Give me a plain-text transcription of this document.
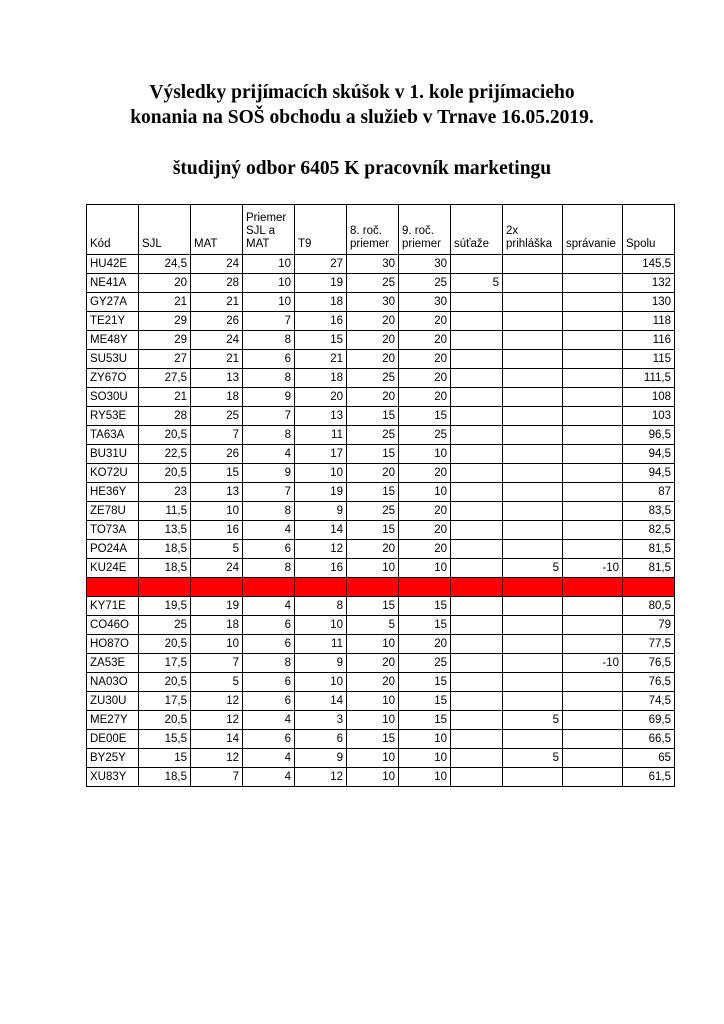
Výsledky prijímacích skúšok v 1. kole prijímacieho
konania na SOŠ obchodu a služieb v Trnave 16.05.2019.
študijný odbor 6405 K pracovník marketingu
Kód	SJL	MAT	Priemer SJL a MAT	T9	8. roč. priemer	9. roč. priemer	súťaže	2x prihláška	správanie	Spolu
HU42E	24,5	24	10	27	30	30				145,5
NE41A	20	28	10	19	25	25	5			132
GY27A	21	21	10	18	30	30				130
TE21Y	29	26	7	16	20	20				118
ME48Y	29	24	8	15	20	20				116
SU53U	27	21	6	21	20	20				115
ZY67O	27,5	13	8	18	25	20				111,5
SO30U	21	18	9	20	20	20				108
RY53E	28	25	7	13	15	15				103
TA63A	20,5	7	8	11	25	25				96,5
BU31U	22,5	26	4	17	15	10				94,5
KO72U	20,5	15	9	10	20	20				94,5
HE36Y	23	13	7	19	15	10				87
ZE78U	11,5	10	8	9	25	20				83,5
TO73A	13,5	16	4	14	15	20				82,5
PO24A	18,5	5	6	12	20	20				81,5
KU24E	18,5	24	8	16	10	10		5	-10	81,5

KY71E	19,5	19	4	8	15	15				80,5
CO46O	25	18	6	10	5	15				79
HO87O	20,5	10	6	11	10	20				77,5
ZA53E	17,5	7	8	9	20	25			-10	76,5
NA03O	20,5	5	6	10	20	15				76,5
ZU30U	17,5	12	6	14	10	15				74,5
ME27Y	20,5	12	4	3	10	15		5		69,5
DE00E	15,5	14	6	6	15	10				66,5
BY25Y	15	12	4	9	10	10		5		65
XU83Y	18,5	7	4	12	10	10				61,5
